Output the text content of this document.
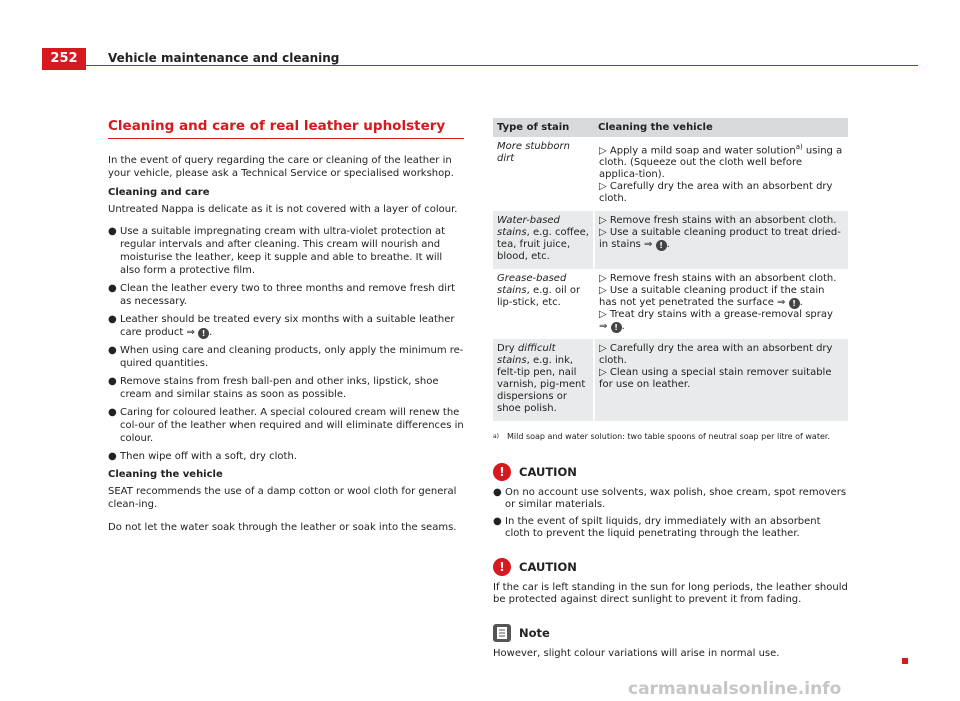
252	Vehicle maintenance and cleaning
Cleaning and care of real leather upholstery

In the event of query regarding the care or cleaning of the leather in your vehicle, please ask a Technical Service or specialised workshop.

Cleaning and care

Untreated Nappa is delicate as it is not covered with a layer of colour.

● Use a suitable impregnating cream with ultra-violet protection at regular intervals and after cleaning. This cream will nourish and moisturise the leather, keep it supple and able to breathe. It will also form a protective film.
● Clean the leather every two to three months and remove fresh dirt as necessary.
● Leather should be treated every six months with a suitable leather care product ⇒ ! .
● When using care and cleaning products, only apply the minimum re-quired quantities.
● Remove stains from fresh ball-pen and other inks, lipstick, shoe cream and similar stains as soon as possible.
● Caring for coloured leather. A special coloured cream will renew the col-our of the leather when required and will eliminate differences in colour.
● Then wipe off with a soft, dry cloth.
Cleaning the vehicle

SEAT recommends the use of a damp cotton or wool cloth for general clean-ing.

Do not let the water soak through the leather or soak into the seams.

Type of stain	Cleaning the vehicle
More stubborn dirt	▷ Apply a mild soap and water solution$^{a)}$ using a
cloth. (Squeeze out the cloth well before applica-tion).
▷ Carefully dry the area with an absorbent dry cloth.

Water-based stains, e.g. coffee, tea, fruit juice, blood, etc.	▷ Remove fresh stains with an absorbent cloth.
▷ Use a suitable cleaning product to treat dried-in stains ⇒ ! .

Grease-based stains, e.g. oil or lip-stick, etc.	▷ Remove fresh stains with an absorbent cloth.
▷ Use a suitable cleaning product if the stain has not yet penetrated the surface ⇒ ! .
▷ Treat dry stains with a grease-removal spray ⇒ ! .

Dry difficult stains, e.g. ink, felt-tip pen, nail varnish, pig-ment dispersions or shoe polish.	▷ Carefully dry the area with an absorbent dry cloth.
▷ Clean using a special stain remover suitable for use on leather.
a) Mild soap and water solution: two table spoons of neutral soap per litre of water.
!	CAUTION
● On no account use solvents, wax polish, shoe cream, spot removers or similar materials.
● In the event of spilt liquids, dry immediately with an absorbent cloth to prevent the liquid penetrating through the leather.
!	CAUTION

If the car is left standing in the sun for long periods, the leather should be protected against direct sunlight to prevent it from fading.

Note

However, slight colour variations will arise in normal use.

carmanualsonline.info
